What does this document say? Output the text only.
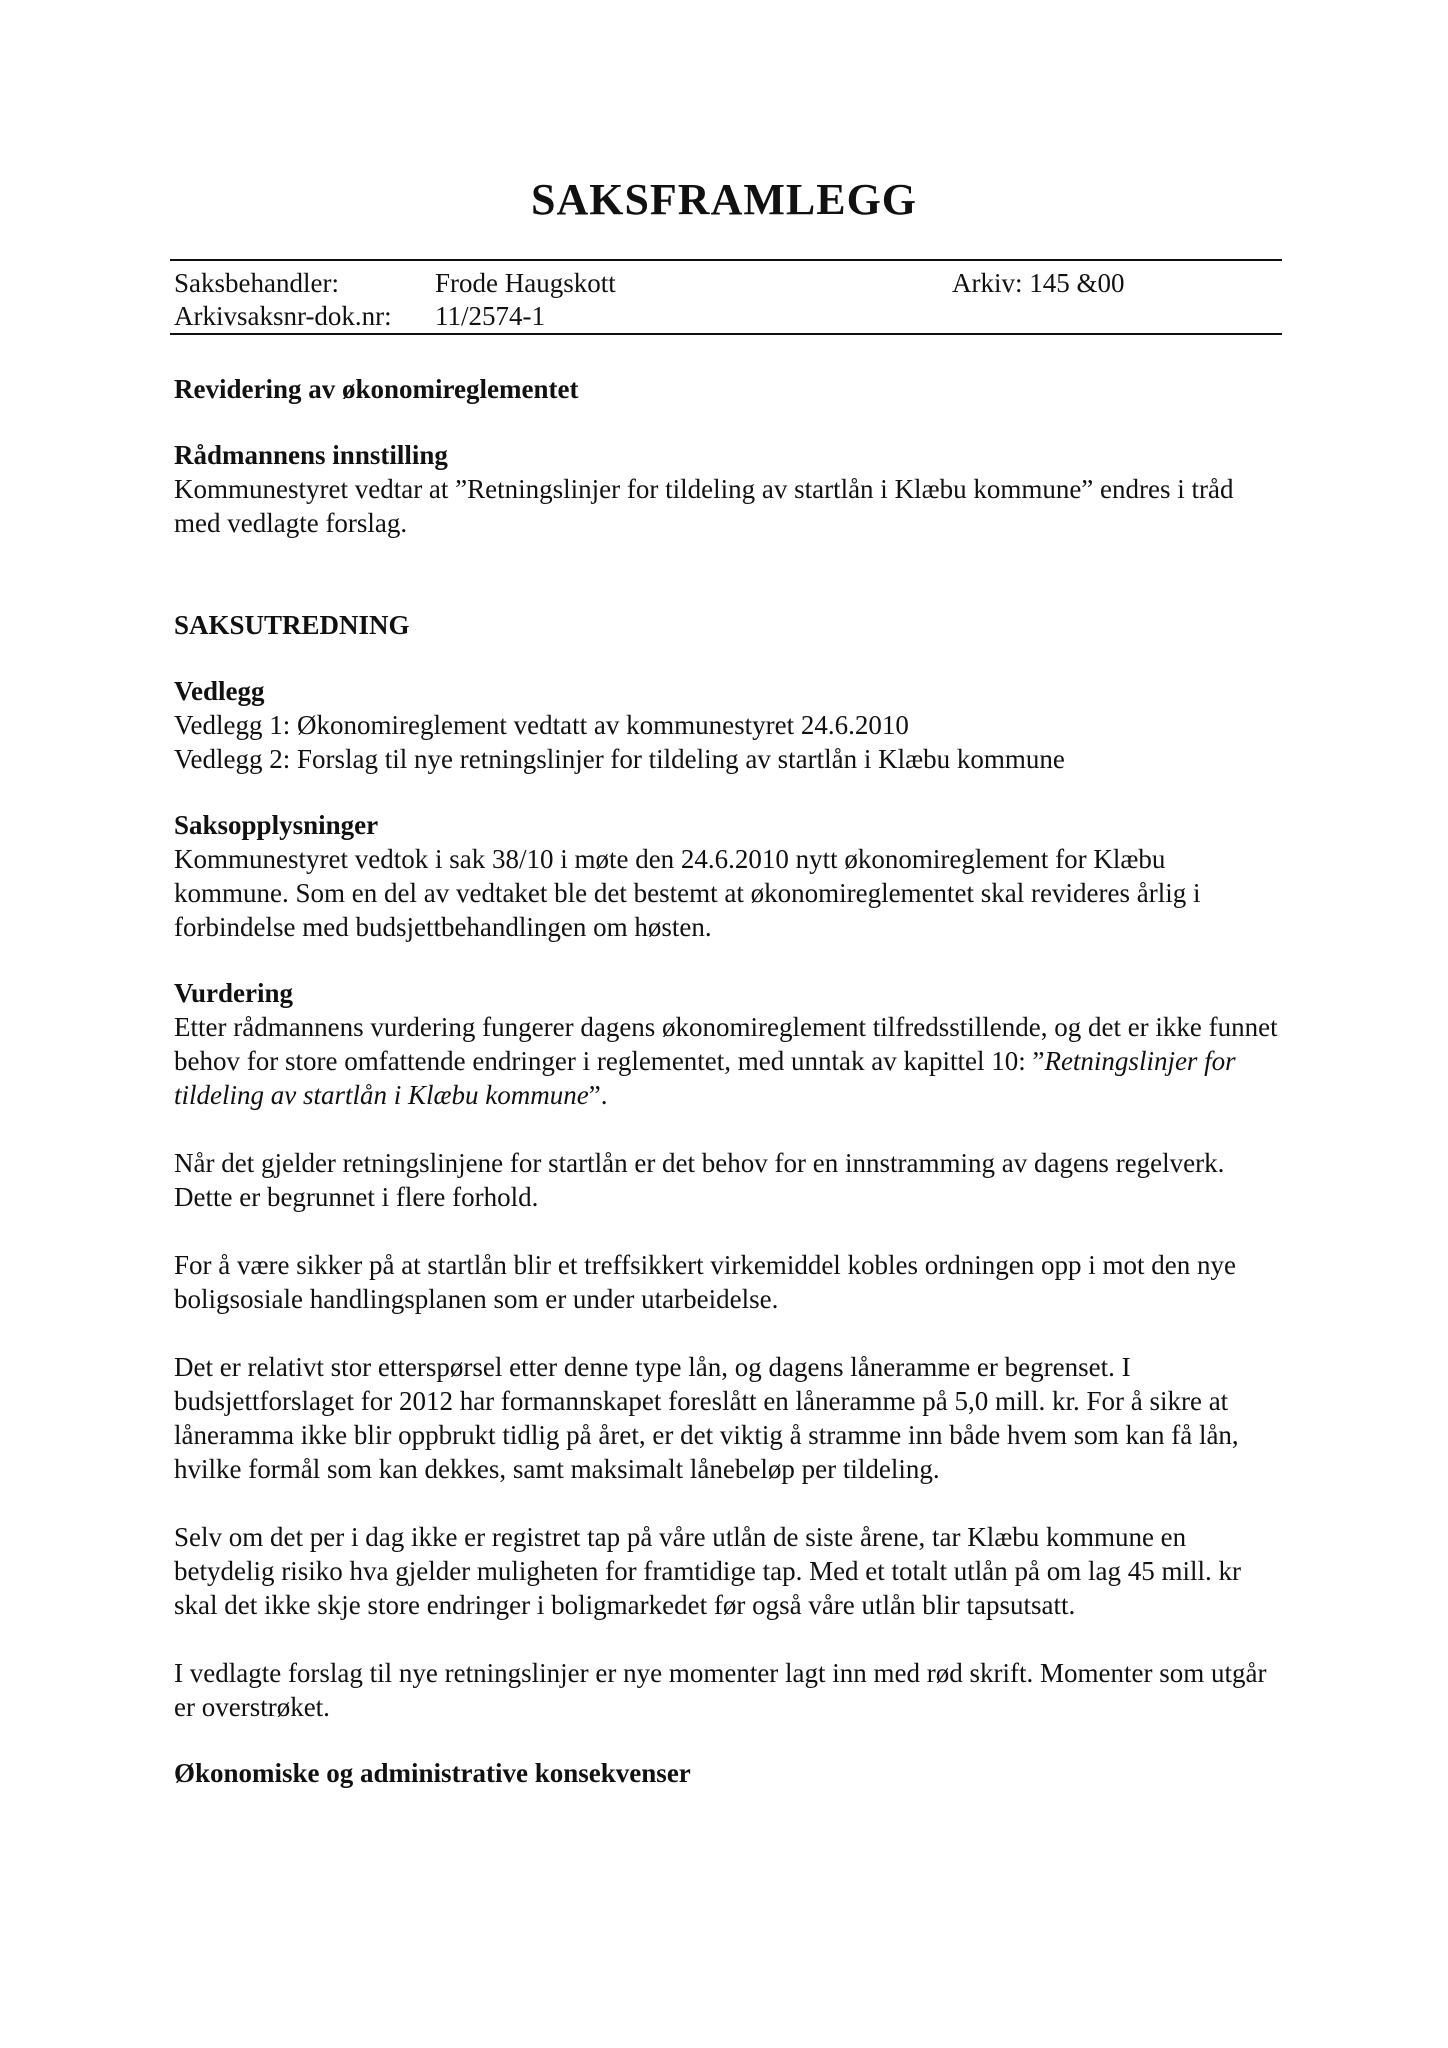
SAKSFRAMLEGG
Saksbehandler:	Frode Haugskott	Arkiv: 145 &00
Arkivsaksnr-dok.nr: 11/2574-1
Revidering av økonomireglementet
Rådmannens innstilling

Kommunestyret vedtar at ”Retningslinjer for tildeling av startlån i Klæbu kommune” endres i tråd med vedlagte forslag.

SAKSUTREDNING
Vedlegg

Vedlegg 1: Økonomireglement vedtatt av kommunestyret 24.6.2010

Vedlegg 2: Forslag til nye retningslinjer for tildeling av startlån i Klæbu kommune

Saksopplysninger

Kommunestyret vedtok i sak 38/10 i møte den 24.6.2010 nytt økonomireglement for Klæbu kommune. Som en del av vedtaket ble det bestemt at økonomireglementet skal revideres årlig i forbindelse med budsjettbehandlingen om høsten.

Vurdering

Etter rådmannens vurdering fungerer dagens økonomireglement tilfredsstillende, og det er ikke funnet behov for store omfattende endringer i reglementet, med unntak av kapittel 10: ”Retningslinjer for tildeling av startlån i Klæbu kommune”.

Når det gjelder retningslinjene for startlån er det behov for en innstramming av dagens regelverk. Dette er begrunnet i flere forhold.

For å være sikker på at startlån blir et treffsikkert virkemiddel kobles ordningen opp i mot den nye boligsosiale handlingsplanen som er under utarbeidelse.

Det er relativt stor etterspørsel etter denne type lån, og dagens låneramme er begrenset. I budsjettforslaget for 2012 har formannskapet foreslått en låneramme på 5,0 mill. kr. For å sikre at låneramma ikke blir oppbrukt tidlig på året, er det viktig å stramme inn både hvem som kan få lån, hvilke formål som kan dekkes, samt maksimalt lånebeløp per tildeling.

Selv om det per i dag ikke er registret tap på våre utlån de siste årene, tar Klæbu kommune en betydelig risiko hva gjelder muligheten for framtidige tap. Med et totalt utlån på om lag 45 mill. kr skal det ikke skje store endringer i boligmarkedet før også våre utlån blir tapsutsatt.

I vedlagte forslag til nye retningslinjer er nye momenter lagt inn med rød skrift. Momenter som utgår er overstrøket.

Økonomiske og administrative konsekvenser
